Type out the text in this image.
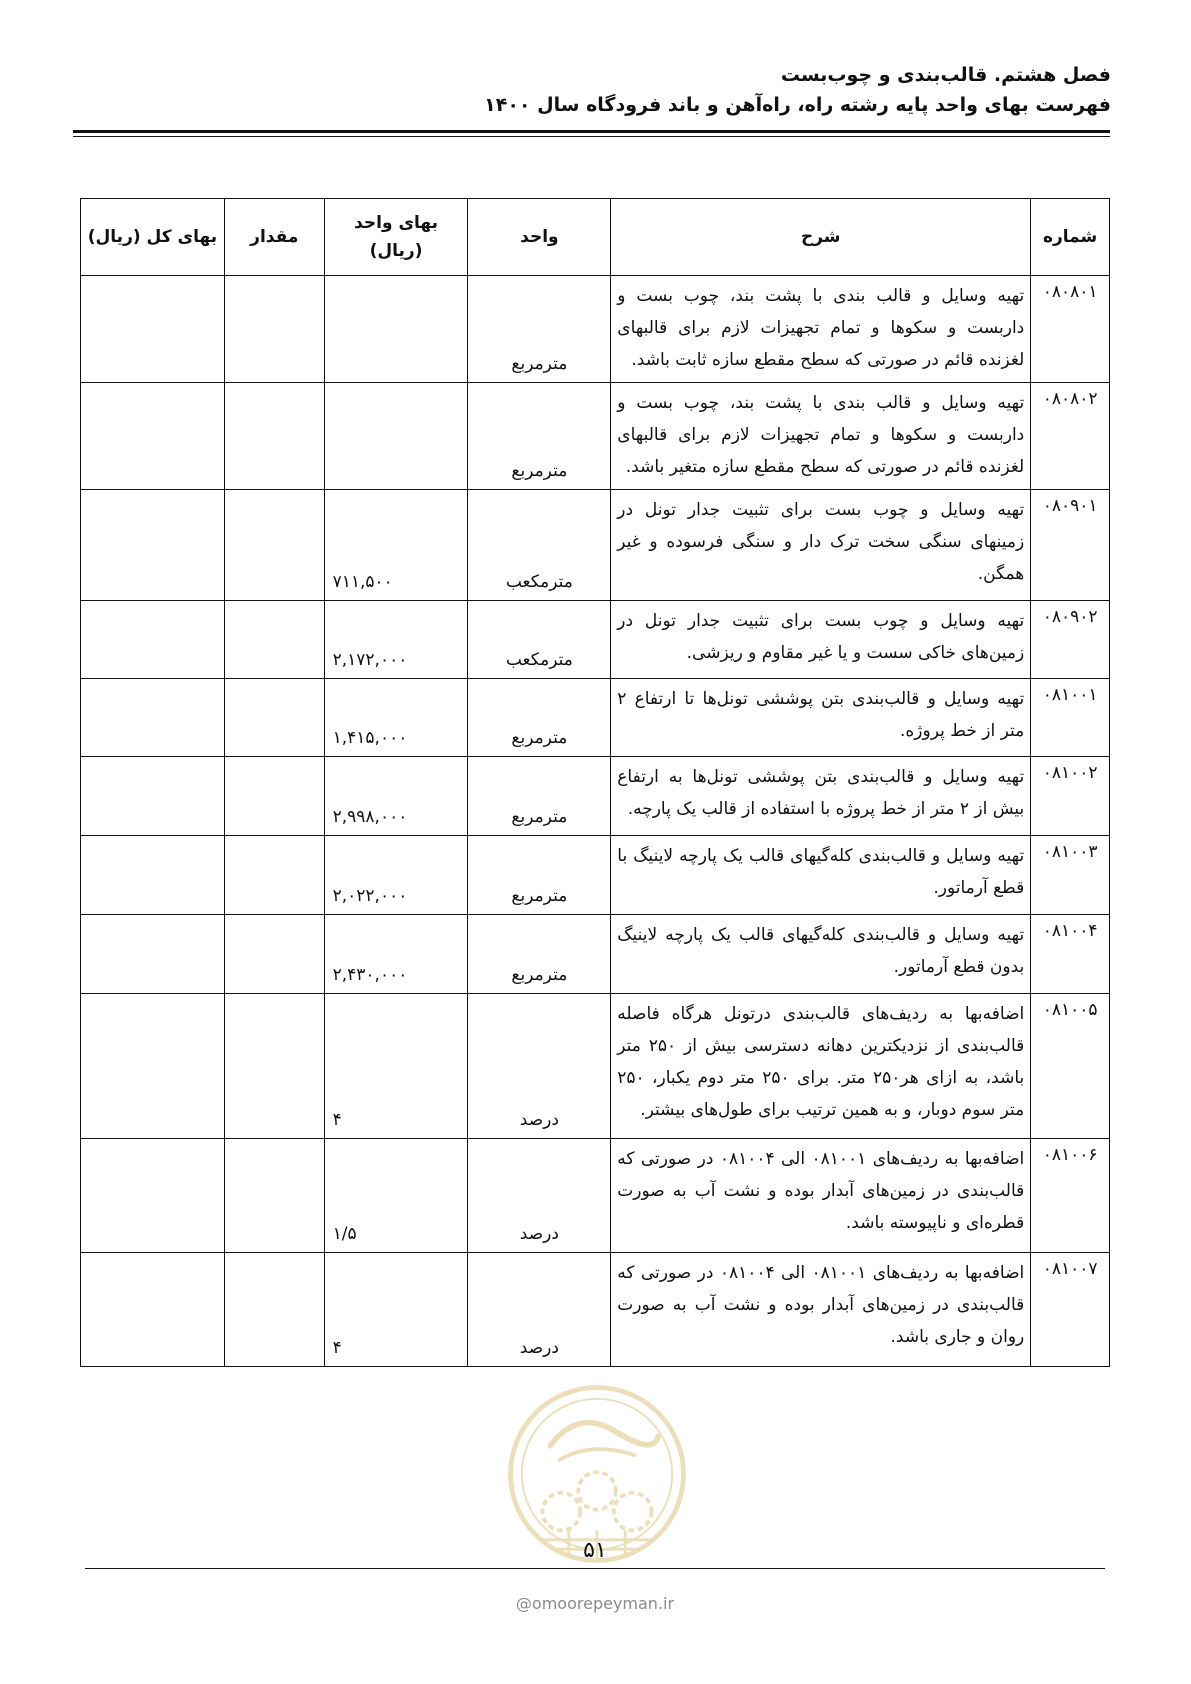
فصل هشتم. قالب‌بندی و چوب‌بست
فهرست بهای واحد پایه رشته راه، راه‌آهن و باند فرودگاه سال ۱۴۰۰
شماره	شرح	واحد	بهای واحد (ریال)	مقدار	بهای کل (ریال)
۰۸۰۸۰۱	تهیه وسایل و قالب بندی با پشت بند، چوب بست و داربست و سکوها و تمام تجهیزات لازم برای قالبهای لغزنده قائم در صورتی که سطح مقطع سازه ثابت باشد.	مترمربع			
۰۸۰۸۰۲	تهیه وسایل و قالب بندی با پشت بند، چوب بست و داربست و سکوها و تمام تجهیزات لازم برای قالبهای لغزنده قائم در صورتی که سطح مقطع سازه متغیر باشد.	مترمربع			
۰۸۰۹۰۱	تهیه وسایل و چوب بست برای تثبیت جدار تونل در زمینهای سنگی سخت ترک دار و سنگی فرسوده و غیر همگن.	مترمکعب	۷۱۱,۵۰۰		
۰۸۰۹۰۲	تهیه وسایل و چوب بست برای تثبیت جدار تونل در زمین‌های خاکی سست و یا غیر مقاوم و ریزشی.	مترمکعب	۲,۱۷۲,۰۰۰		
۰۸۱۰۰۱	تهیه وسایل و قالب‌بندی بتن پوششی تونل‌ها تا ارتفاع ۲ متر از خط پروژه.	مترمربع	۱,۴۱۵,۰۰۰		
۰۸۱۰۰۲	تهیه وسایل و قالب‌بندی بتن پوششی تونل‌ها به ارتفاع بیش از ۲ متر از خط پروژه با استفاده از قالب یک پارچه.	مترمربع	۲,۹۹۸,۰۰۰		
۰۸۱۰۰۳	تهیه وسایل و قالب‌بندی کله‌گیهای قالب یک پارچه لاینیگ با قطع آرماتور.	مترمربع	۲,۰۲۲,۰۰۰		
۰۸۱۰۰۴	تهیه وسایل و قالب‌بندی کله‌گیهای قالب یک پارچه لاینیگ بدون قطع آرماتور.	مترمربع	۲,۴۳۰,۰۰۰		
۰۸۱۰۰۵	اضافه‌بها به ردیف‌های قالب‌بندی درتونل هرگاه فاصله قالب‌بندی از نزدیکترین دهانه دسترسی بیش از ۲۵۰ متر باشد، به ازای هر۲۵۰ متر. برای ۲۵۰ متر دوم یکبار، ۲۵۰ متر سوم دوبار، و به همین ترتیب برای طول‌های بیشتر.	درصد	۴		
۰۸۱۰۰۶	اضافه‌بها به ردیف‌های ۰۸۱۰۰۱ الی ۰۸۱۰۰۴ در صورتی که قالب‌بندی در زمین‌های آبدار بوده و نشت آب به صورت قطره‌ای و ناپیوسته باشد.	درصد	۱/۵		
۰۸۱۰۰۷	اضافه‌بها به ردیف‌های ۰۸۱۰۰۱ الی ۰۸۱۰۰۴ در صورتی که قالب‌بندی در زمین‌های آبدار بوده و نشت آب به صورت روان و جاری باشد.	درصد	۴		
۵۱
@omoorepeyman.ir
